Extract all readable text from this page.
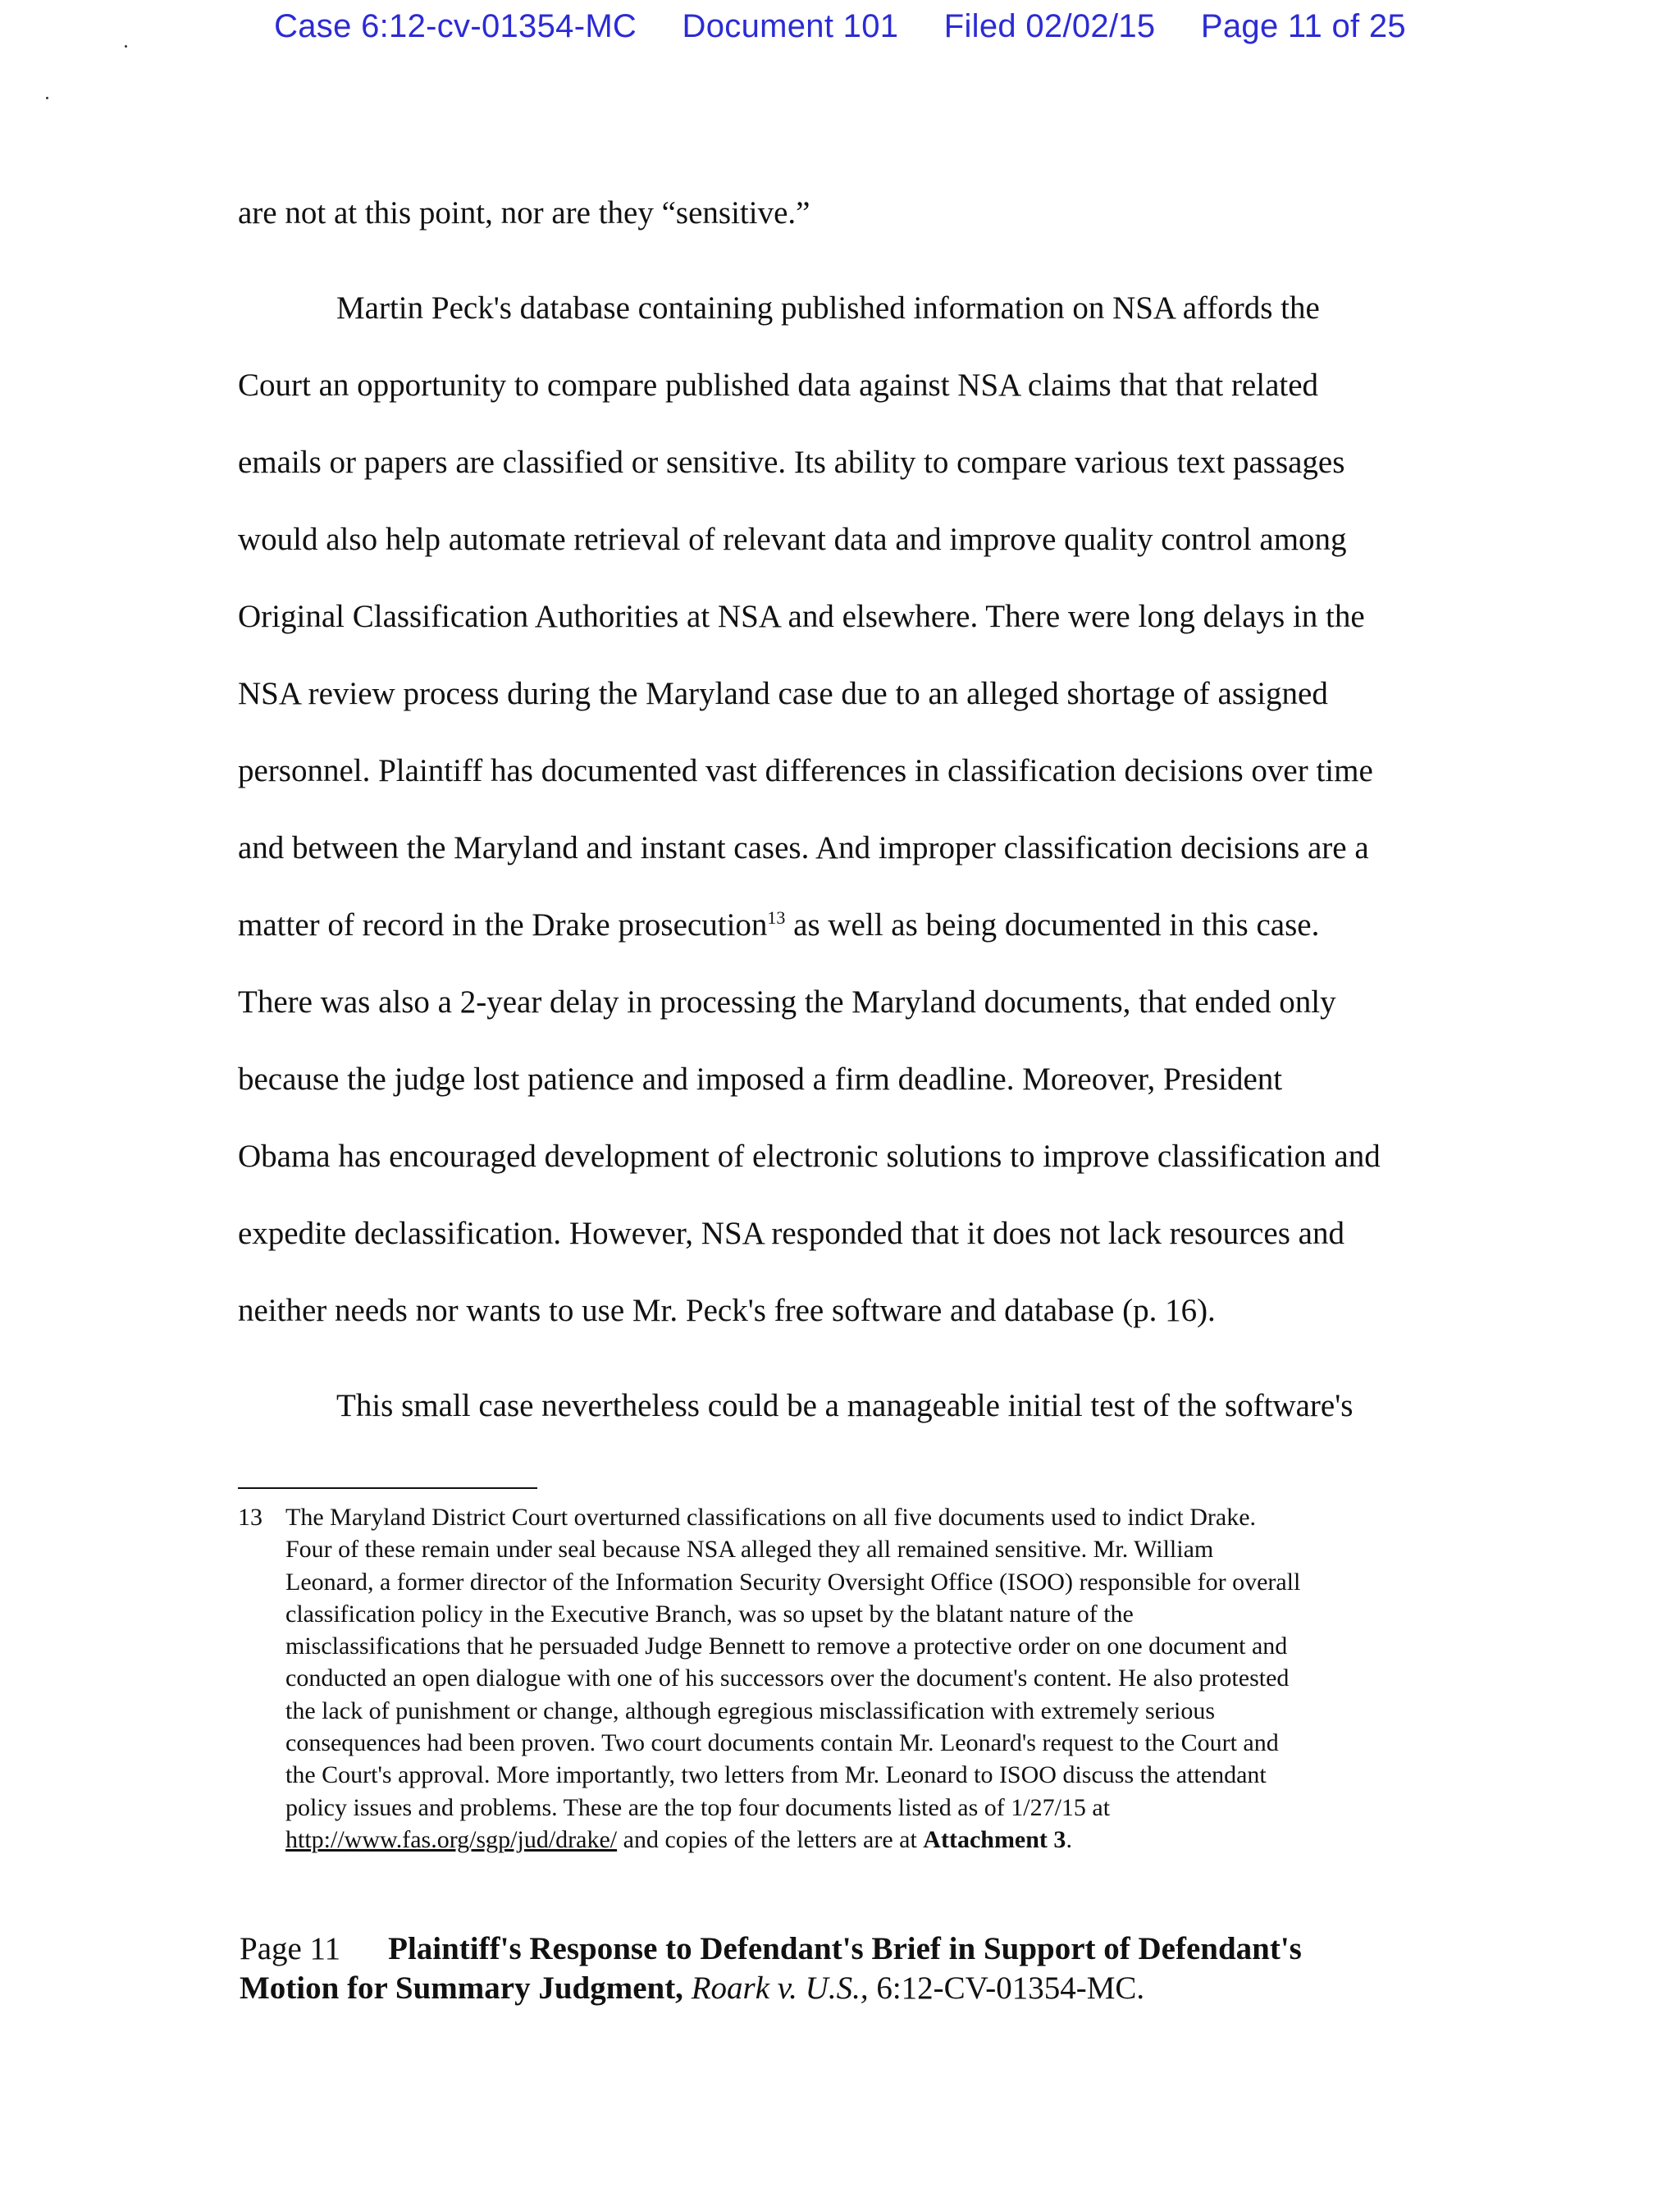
Case 6:12-cv-01354-MC Document 101 Filed 02/02/15 Page 11 of 25
are not at this point, nor are they “sensitive.”
Martin Peck's database containing published information on NSA affords the
Court an opportunity to compare published data against NSA claims that that related
emails or papers are classified or sensitive. Its ability to compare various text passages
would also help automate retrieval of relevant data and improve quality control among
Original Classification Authorities at NSA and elsewhere. There were long delays in the
NSA review process during the Maryland case due to an alleged shortage of assigned
personnel. Plaintiff has documented vast differences in classification decisions over time
and between the Maryland and instant cases. And improper classification decisions are a
matter of record in the Drake prosecution$^{13}$ as well as being documented in this case.
There was also a 2-year delay in processing the Maryland documents, that ended only
because the judge lost patience and imposed a firm deadline. Moreover, President
Obama has encouraged development of electronic solutions to improve classification and
expedite declassification. However, NSA responded that it does not lack resources and
neither needs nor wants to use Mr. Peck's free software and database (p. 16).
This small case nevertheless could be a manageable initial test of the software's
13 The Maryland District Court overturned classifications on all five documents used to indict Drake.
Four of these remain under seal because NSA alleged they all remained sensitive. Mr. William
Leonard, a former director of the Information Security Oversight Office (ISOO) responsible for overall
classification policy in the Executive Branch, was so upset by the blatant nature of the
misclassifications that he persuaded Judge Bennett to remove a protective order on one document and
conducted an open dialogue with one of his successors over the document's content. He also protested
the lack of punishment or change, although egregious misclassification with extremely serious
consequences had been proven. Two court documents contain Mr. Leonard's request to the Court and
the Court's approval. More importantly, two letters from Mr. Leonard to ISOO discuss the attendant
policy issues and problems. These are the top four documents listed as of 1/27/15 at
http://www.fas.org/sgp/jud/drake/ and copies of the letters are at Attachment 3.
Page 11 Plaintiff's Response to Defendant's Brief in Support of Defendant's
Motion for Summary Judgment, Roark v. U.S., 6:12-CV-01354-MC.
